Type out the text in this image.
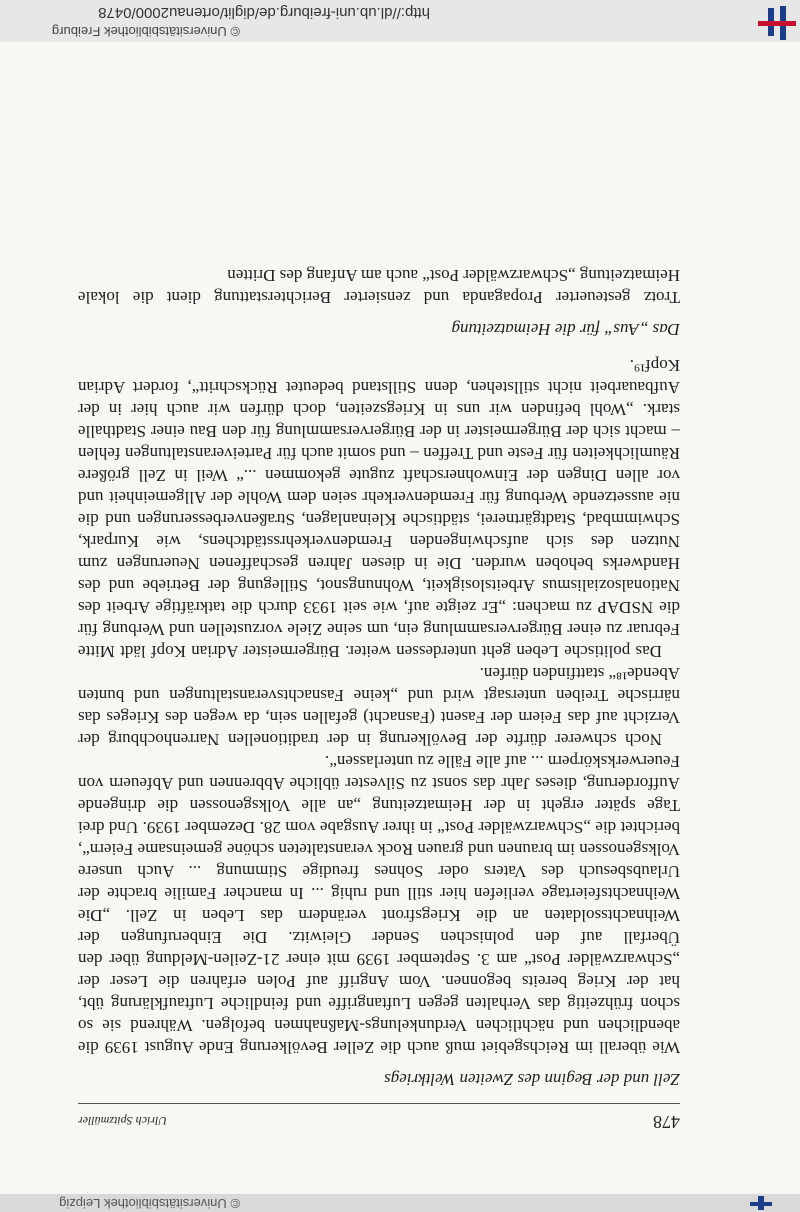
© Universitätsbibliothek Leipzig
478
Ulrich Spitzmüller
Zell und der Beginn des Zweiten Weltkriegs

Wie überall im Reichsgebiet muß auch die Zeller Bevölkerung Ende August 1939 die abendlichen und nächtlichen Verdunkelungs-Maßnahmen befolgen. Während sie so schon frühzeitig das Verhalten gegen Luftangriffe und feindliche Luftaufklärung übt, hat der Krieg bereits begonnen. Vom Angriff auf Polen erfahren die Leser der „Schwarzwälder Post“ am 3. September 1939 mit einer 21-Zeilen-Meldung über den Überfall auf den polnischen Sender Gleiwitz. Die Einberufungen der Weihnachtssoldaten an die Kriegsfront verändern das Leben in Zell. „Die Weihnachtsfeiertage verliefen hier still und ruhig ... In mancher Familie brachte der Urlaubsbesuch des Vaters oder Sohnes freudige Stimmung ... Auch unsere Volksgenossen im braunen und grauen Rock veranstalteten schöne gemeinsame Feiern“, berichtet die „Schwarzwälder Post“ in ihrer Ausgabe vom 28. Dezember 1939. Und drei Tage später ergeht in der Heimatzeitung „an alle Volksgenossen die dringende Aufforderung, dieses Jahr das sonst zu Silvester übliche Abbrennen und Abfeuern von Feuerwerkskörpern ... auf alle Fälle zu unterlassen“.

Noch schwerer dürfte der Bevölkerung in der traditionellen Narrenhochburg der Verzicht auf das Feiern der Fasent (Fasnacht) gefallen sein, da wegen des Krieges das närrische Treiben untersagt wird und „keine Fasnachtsveranstaltungen und bunten Abende¹⁸“ stattfinden dürfen.

Das politische Leben geht unterdessen weiter. Bürgermeister Adrian Kopf lädt Mitte Februar zu einer Bürgerversammlung ein, um seine Ziele vorzustellen und Werbung für die NSDAP zu machen: „Er zeigte auf, wie seit 1933 durch die tatkräftige Arbeit des Nationalsozialismus Arbeitslosigkeit, Wohnungsnot, Stillegung der Betriebe und des Handwerks behoben wurden. Die in diesen Jahren geschaffenen Neuerungen zum Nutzen des sich aufschwingenden Fremdenverkehrsstädtchens, wie Kurpark, Schwimmbad, Stadtgärtnerei, städtische Kleinanlagen, Straßenverbesserungen und die nie aussetzende Werbung für Fremdenverkehr seien dem Wohle der Allgemeinheit und vor allen Dingen der Einwohnerschaft zugute gekommen ...“ Weil in Zell größere Räumlichkeiten für Feste und Treffen – und somit auch für Parteiveranstaltungen fehlen – macht sich der Bürgermeister in der Bürgerversammlung für den Bau einer Stadthalle stark. „Wohl befinden wir uns in Kriegszeiten, doch dürfen wir auch hier in der Aufbauarbeit nicht stillstehen, denn Stillstand bedeutet Rückschritt“, fordert Adrian Kopf¹⁹.

Das „Aus“ für die Heimatzeitung

Trotz gesteuerter Propaganda und zensierter Berichterstattung dient die lokale Heimatzeitung „Schwarzwälder Post“ auch am Anfang des Dritten

© Universitätsbibliothek Freiburg
http://dl.ub.uni-freiburg.de/diglit/ortenau2000/0478
